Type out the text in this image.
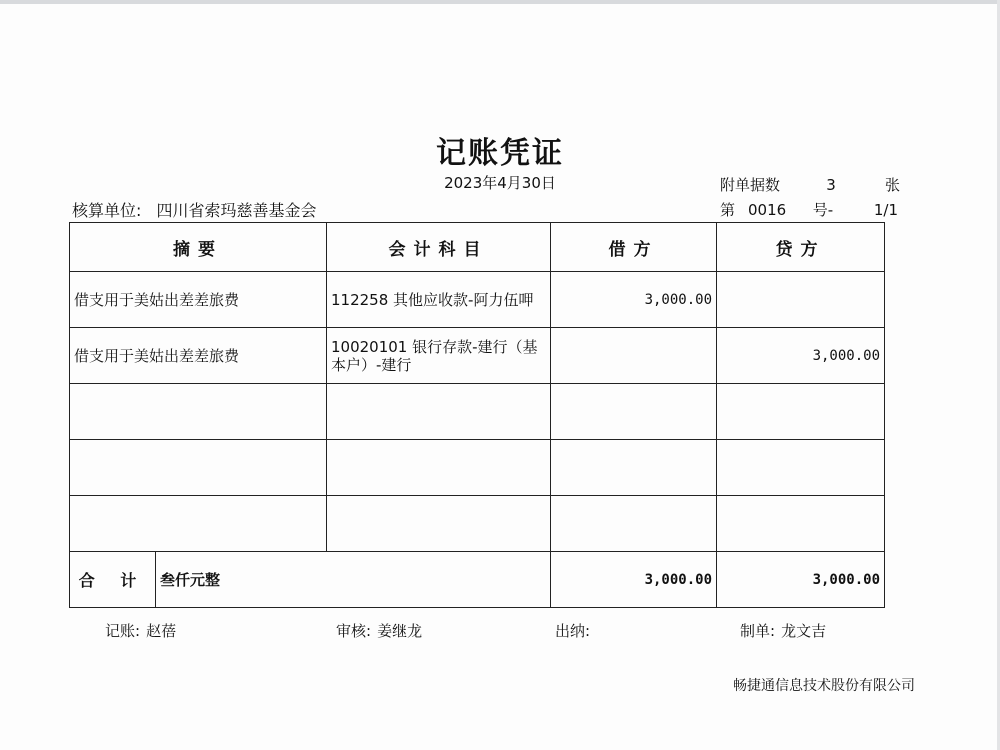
记账凭证
2023年4月30日
核算单位: 四川省索玛慈善基金会
附单据数	3	张
第 0016 号-	1/1
摘要		会计科目	借方	贷方
借支用于美姑出差差旅费		112258 其他应收款-阿力伍呷	3,000.00	
借支用于美姑出差差旅费		10020101 银行存款-建行（基本户）-建行		3,000.00

合 计	叁仟元整		3,000.00	3,000.00
记账: 赵蓓	审核: 姜继龙	出纳:	制单: 龙文吉
畅捷通信息技术股份有限公司
